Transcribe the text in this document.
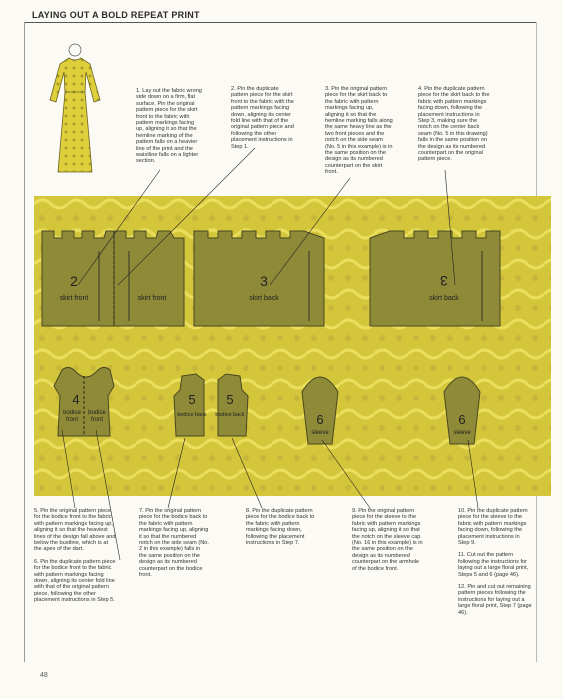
LAYING OUT A BOLD REPEAT PRINT
1. Lay out the fabric wrong side down on a firm, flat surface. Pin the original pattern piece for the skirt front to the fabric with pattern markings facing up, aligning it so that the hemline marking of the pattern falls on a heavier line of the print and the waistline falls on a lighter section.
2. Pin the duplicate pattern piece for the skirt front to the fabric with the pattern markings facing down, aligning its center fold line with that of the original pattern piece and following the other placement instructions in Step 1.
3. Pin the original pattern piece for the skirt back to the fabric with pattern markings facing up, aligning it so that the hemline marking falls along the same heavy line as the two front pieces and the notch on the side seam (No. 5 in this example) is in the same position on the design as its numbered counterpart on the skirt front.
4. Pin the duplicate pattern piece for the skirt back to the fabric with pattern markings facing down, following the placement instructions in Step 3, making sure the notch on the center back seam (No. 5 in this drawing) falls in the same position on the design as its numbered counterpart on the original pattern piece.
2
skirt front	skirt front
3
skirt back
3
skirt back
4
bodice
front
bodice
front
5
bodice back
5
bodice back	6
sleeve
6
sleeve

5. Pin the original pattern piece for the bodice front to the fabric with pattern markings facing up, aligning it so that the heaviest lines of the design fall above and below the bustline, which is at the apex of the dart.

6. Pin the duplicate pattern piece for the bodice front to the fabric with pattern markings facing down, aligning its center fold line with that of the original pattern piece, following the other placement instructions in Step 5.

7. Pin the original pattern piece for the bodice back to the fabric with pattern markings facing up, aligning it so that the numbered notch on the side seam (No. 2 in this example) falls in the same position on the design as its numbered counterpart on the bodice front.

8. Pin the duplicate pattern piece for the bodice back to the fabric with pattern markings facing down, following the placement instructions in Step 7.

9. Pin the original pattern piece for the sleeve to the fabric with pattern markings facing up, aligning it so that the notch on the sleeve cap (No. 16 in this example) is in the same position on the design as its numbered counterpart on the armhole of the bodice front.

10. Pin the duplicate pattern piece for the sleeve to the fabric with pattern markings facing down, following the placement instructions in Step 9.

11. Cut out the pattern following the instructions for laying out a large floral print, Steps 5 and 6 (page 46).

12. Pin and cut out remaining pattern pieces following the instructions for laying out a large floral print, Step 7 (page 46).

48
